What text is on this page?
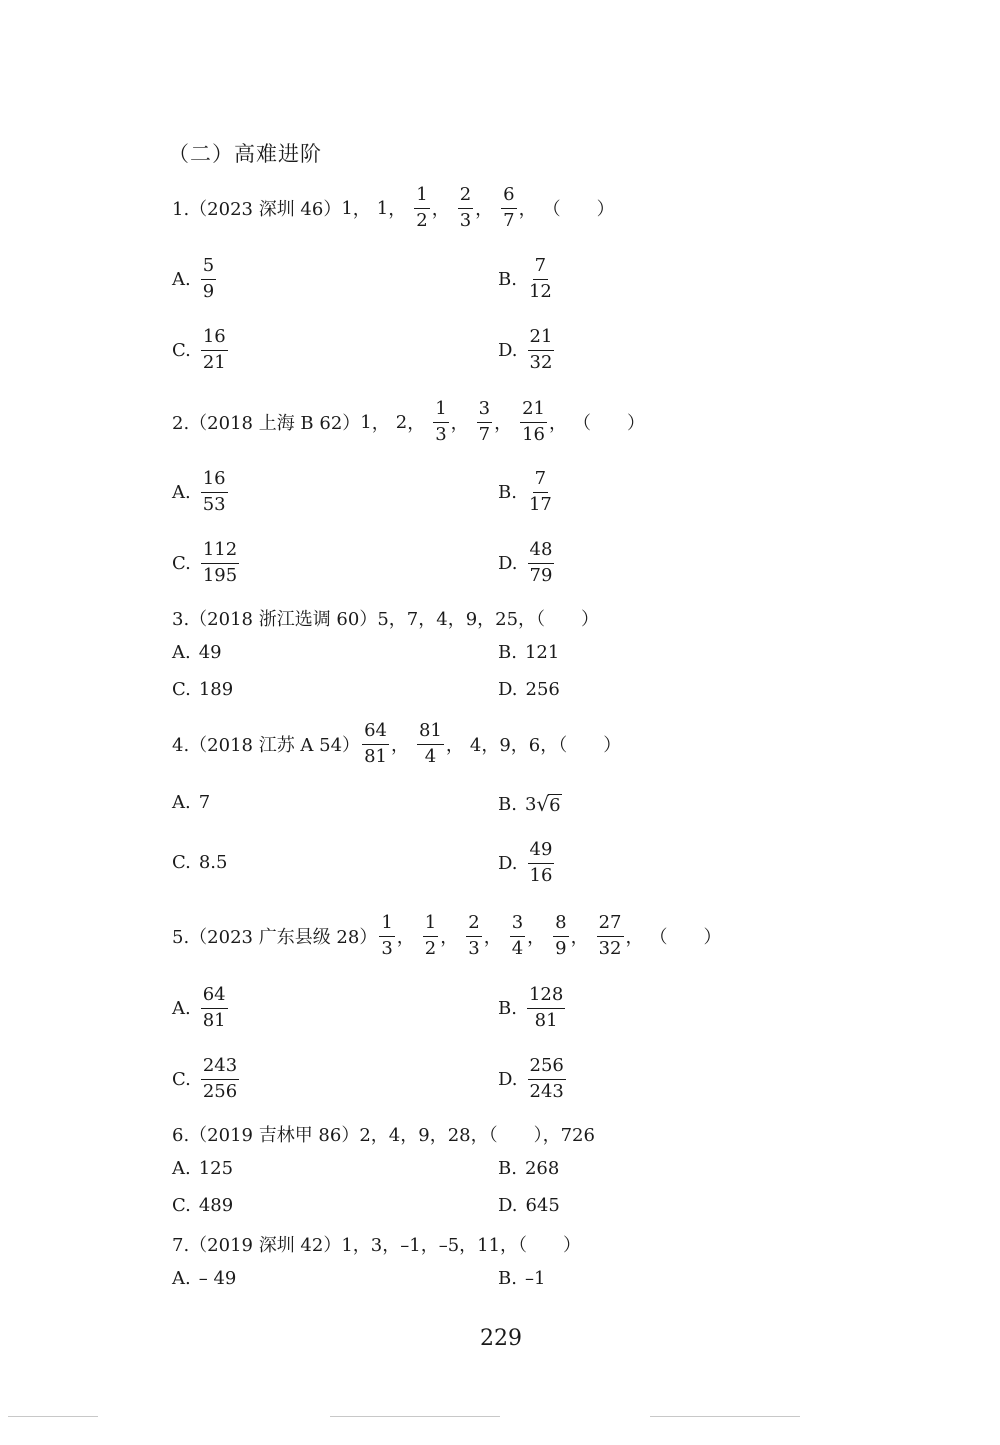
（二）高难进阶
1.（2023 深圳 46） 1 ， 1 ， $\frac{1}{2}$ ， $\frac{2}{3}$ ， $\frac{6}{7}$ ， （　　）
A. $\frac{5}{9}$	B. $\frac{7}{12}$
C. $\frac{16}{21}$	D. $\frac{21}{32}$
2.（2018 上海 B 62） 1 ， 2 ， $\frac{1}{3}$ ， $\frac{3}{7}$ ， $\frac{21}{16}$ ， （　　）
A. $\frac{16}{53}$	B. $\frac{7}{17}$
C. $\frac{112}{195}$	D. $\frac{48}{79}$
3.（2018 浙江选调 60） 5，7，4，9，25，（　　）
A. 49	B. 121
C. 189	D. 256
4.（2018 江苏 A $54) \frac{64}{81}$ ， $\frac{81}{4}$ ， 4，9，6，（　　）
A. 7	B. 3 √ 6
C. 8.5	D. $\frac{49}{16}$
5.（2023 广东县级 $28) \frac{1}{3}$ ， $\frac{1}{2}$ ， $\frac{2}{3}$ ， $\frac{3}{4}$ ， $\frac{8}{9}$ ， $\frac{27}{32}$ ， （　　）
A. $\frac{64}{81}$	B. $\frac{128}{81}$
C. $\frac{243}{256}$	D. $\frac{256}{243}$
6.（2019 吉林甲 86） 2，4，9，28，（　　），726
A. 125	B. 268
C. 489	D. 645
7.（2019 深圳 42） 1，3，–1，–5，11，（　　）
A. – 49	B. –1
229
